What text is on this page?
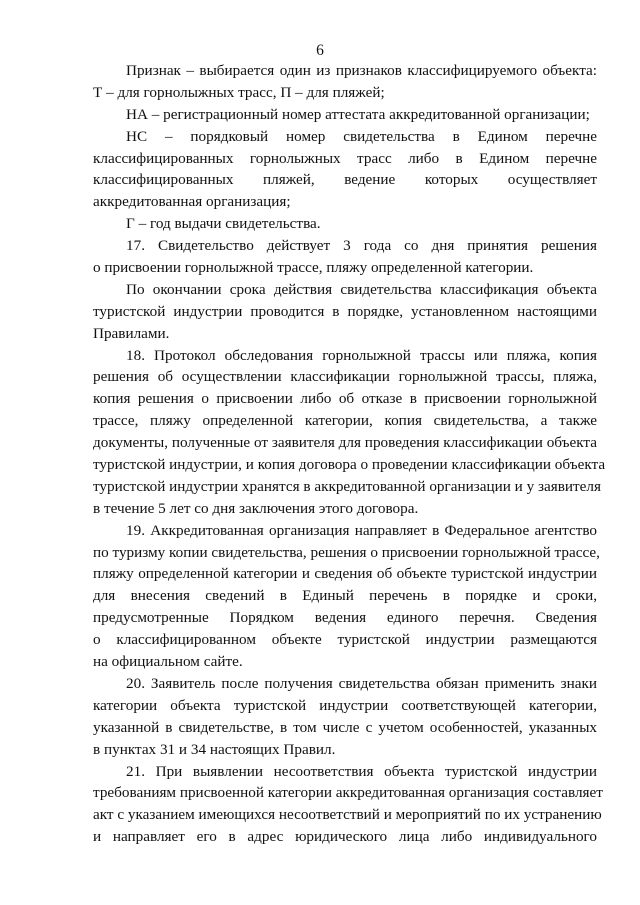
6
Признак – выбирается один из признаков классифицируемого объекта:
Т – для горнолыжных трасс, П – для пляжей;
НА – регистрационный номер аттестата аккредитованной организации;
НС – порядковый номер свидетельства в Едином перечне
классифицированных горнолыжных трасс либо в Едином перечне
классифицированных пляжей, ведение которых осуществляет
аккредитованная организация;
Г – год выдачи свидетельства.
17. Свидетельство действует 3 года со дня принятия решения
о присвоении горнолыжной трассе, пляжу определенной категории.
По окончании срока действия свидетельства классификация объекта
туристской индустрии проводится в порядке, установленном настоящими
Правилами.
18. Протокол обследования горнолыжной трассы или пляжа, копия
решения об осуществлении классификации горнолыжной трассы, пляжа,
копия решения о присвоении либо об отказе в присвоении горнолыжной
трассе, пляжу определенной категории, копия свидетельства, а также
документы, полученные от заявителя для проведения классификации объекта
туристской индустрии, и копия договора о проведении классификации объекта
туристской индустрии хранятся в аккредитованной организации и у заявителя
в течение 5 лет со дня заключения этого договора.
19. Аккредитованная организация направляет в Федеральное агентство
по туризму копии свидетельства, решения о присвоении горнолыжной трассе,
пляжу определенной категории и сведения об объекте туристской индустрии
для внесения сведений в Единый перечень в порядке и сроки,
предусмотренные Порядком ведения единого перечня. Сведения
о классифицированном объекте туристской индустрии размещаются
на официальном сайте.
20. Заявитель после получения свидетельства обязан применить знаки
категории объекта туристской индустрии соответствующей категории,
указанной в свидетельстве, в том числе с учетом особенностей, указанных
в пунктах 31 и 34 настоящих Правил.
21. При выявлении несоответствия объекта туристской индустрии
требованиям присвоенной категории аккредитованная организация составляет
акт с указанием имеющихся несоответствий и мероприятий по их устранению
и направляет его в адрес юридического лица либо индивидуального
